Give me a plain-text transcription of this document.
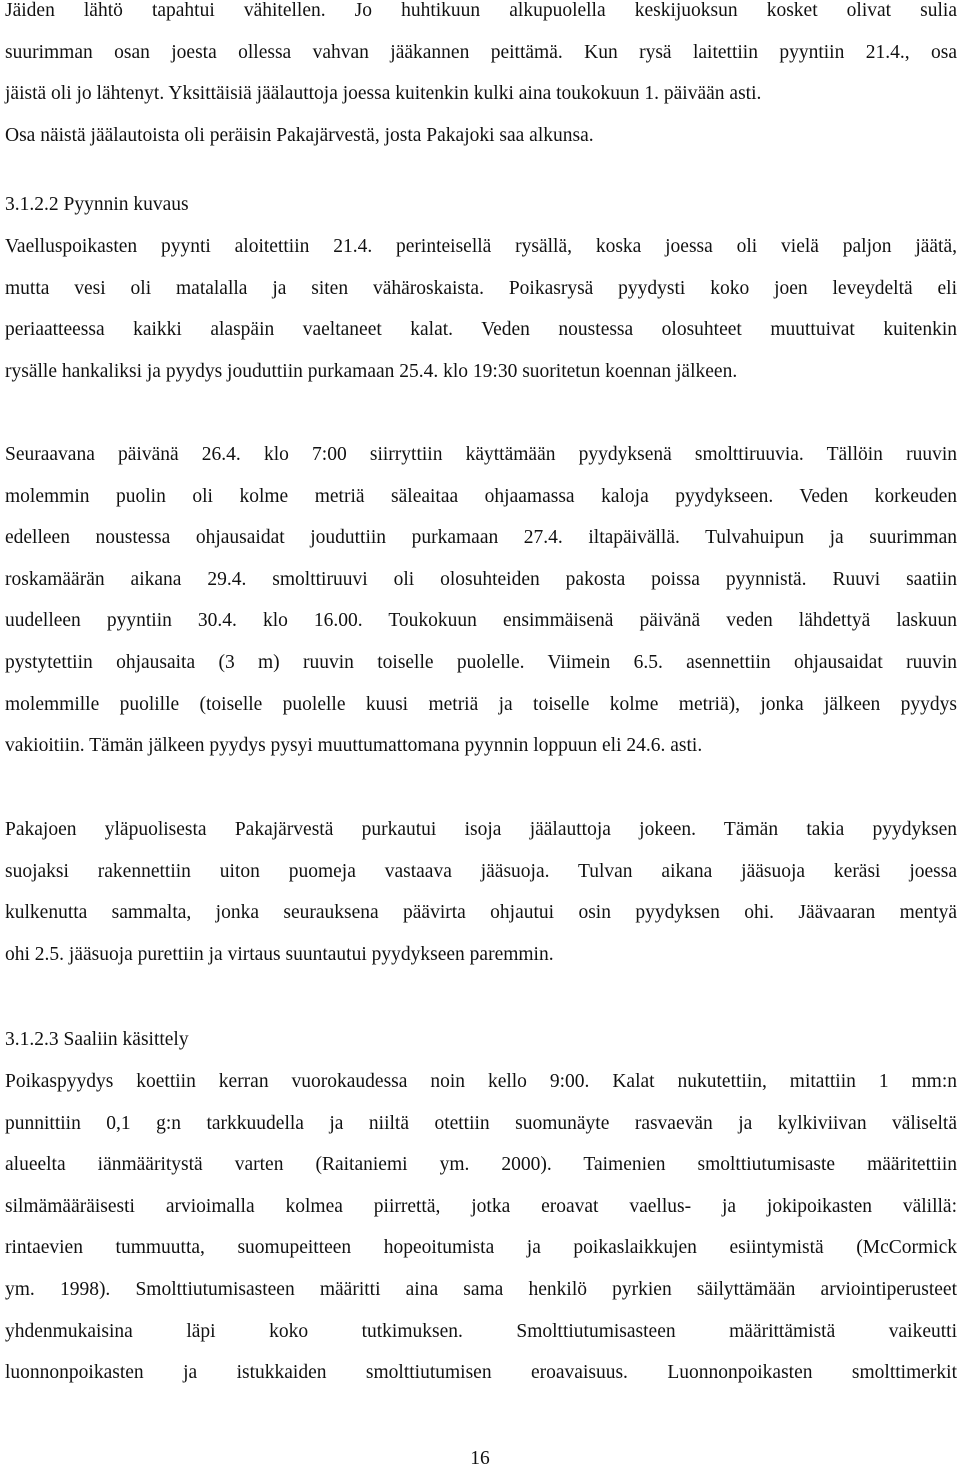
Jäiden lähtö tapahtui vähitellen. Jo huhtikuun alkupuolella keskijuoksun kosket olivat sulia
suurimman osan joesta ollessa vahvan jääkannen peittämä. Kun rysä laitettiin pyyntiin 21.4., osa
jäistä oli jo lähtenyt. Yksittäisiä jäälauttoja joessa kuitenkin kulki aina toukokuun 1. päivään asti.
Osa näistä jäälautoista oli peräisin Pakajärvestä, josta Pakajoki saa alkunsa.
3.1.2.2 Pyynnin kuvaus
Vaelluspoikasten pyynti aloitettiin 21.4. perinteisellä rysällä, koska joessa oli vielä paljon jäätä,
mutta vesi oli matalalla ja siten vähäroskaista. Poikasrysä pyydysti koko joen leveydeltä eli
periaatteessa kaikki alaspäin vaeltaneet kalat. Veden noustessa olosuhteet muuttuivat kuitenkin
rysälle hankaliksi ja pyydys jouduttiin purkamaan 25.4. klo 19:30 suoritetun koennan jälkeen.
Seuraavana päivänä 26.4. klo 7:00 siirryttiin käyttämään pyydyksenä smolttiruuvia. Tällöin ruuvin
molemmin puolin oli kolme metriä säleaitaa ohjaamassa kaloja pyydykseen. Veden korkeuden
edelleen noustessa ohjausaidat jouduttiin purkamaan 27.4. iltapäivällä. Tulvahuipun ja suurimman
roskamäärän aikana 29.4. smolttiruuvi oli olosuhteiden pakosta poissa pyynnistä. Ruuvi saatiin
uudelleen pyyntiin 30.4. klo 16.00. Toukokuun ensimmäisenä päivänä veden lähdettyä laskuun
pystytettiin ohjausaita (3 m) ruuvin toiselle puolelle. Viimein 6.5. asennettiin ohjausaidat ruuvin
molemmille puolille (toiselle puolelle kuusi metriä ja toiselle kolme metriä), jonka jälkeen pyydys
vakioitiin. Tämän jälkeen pyydys pysyi muuttumattomana pyynnin loppuun eli 24.6. asti.
Pakajoen yläpuolisesta Pakajärvestä purkautui isoja jäälauttoja jokeen. Tämän takia pyydyksen
suojaksi rakennettiin uiton puomeja vastaava jääsuoja. Tulvan aikana jääsuoja keräsi joessa
kulkenutta sammalta, jonka seurauksena päävirta ohjautui osin pyydyksen ohi. Jäävaaran mentyä
ohi 2.5. jääsuoja purettiin ja virtaus suuntautui pyydykseen paremmin.
3.1.2.3 Saaliin käsittely
Poikaspyydys koettiin kerran vuorokaudessa noin kello 9:00. Kalat nukutettiin, mitattiin 1 mm:n
punnittiin 0,1 g:n tarkkuudella ja niiltä otettiin suomunäyte rasvaevän ja kylkiviivan väliseltä
alueelta iänmääritystä varten (Raitaniemi ym. 2000). Taimenien smolttiutumisaste määritettiin
silmämääräisesti arvioimalla kolmea piirrettä, jotka eroavat vaellus- ja jokipoikasten välillä:
rintaevien tummuutta, suomupeitteen hopeoitumista ja poikaslaikkujen esiintymistä (McCormick
ym. 1998). Smolttiutumisasteen määritti aina sama henkilö pyrkien säilyttämään arviointiperusteet
yhdenmukaisina läpi koko tutkimuksen. Smolttiutumisasteen määrittämistä vaikeutti
luonnonpoikasten ja istukkaiden smolttiutumisen eroavaisuus. Luonnonpoikasten smolttimerkit
16
